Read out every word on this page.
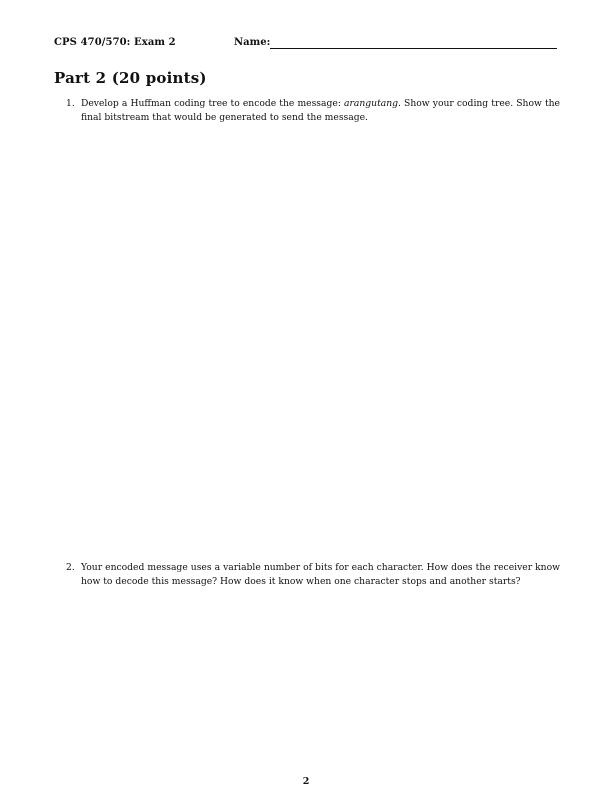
CPS 470/570: Exam 2	Name:
Part 2 (20 points)
1. Develop a Huffman coding tree to encode the message: arangutang. Show your coding tree. Show the final bitstream that would be generated to send the message.
2. Your encoded message uses a variable number of bits for each character. How does the receiver know how to decode this message? How does it know when one character stops and another starts?
2
